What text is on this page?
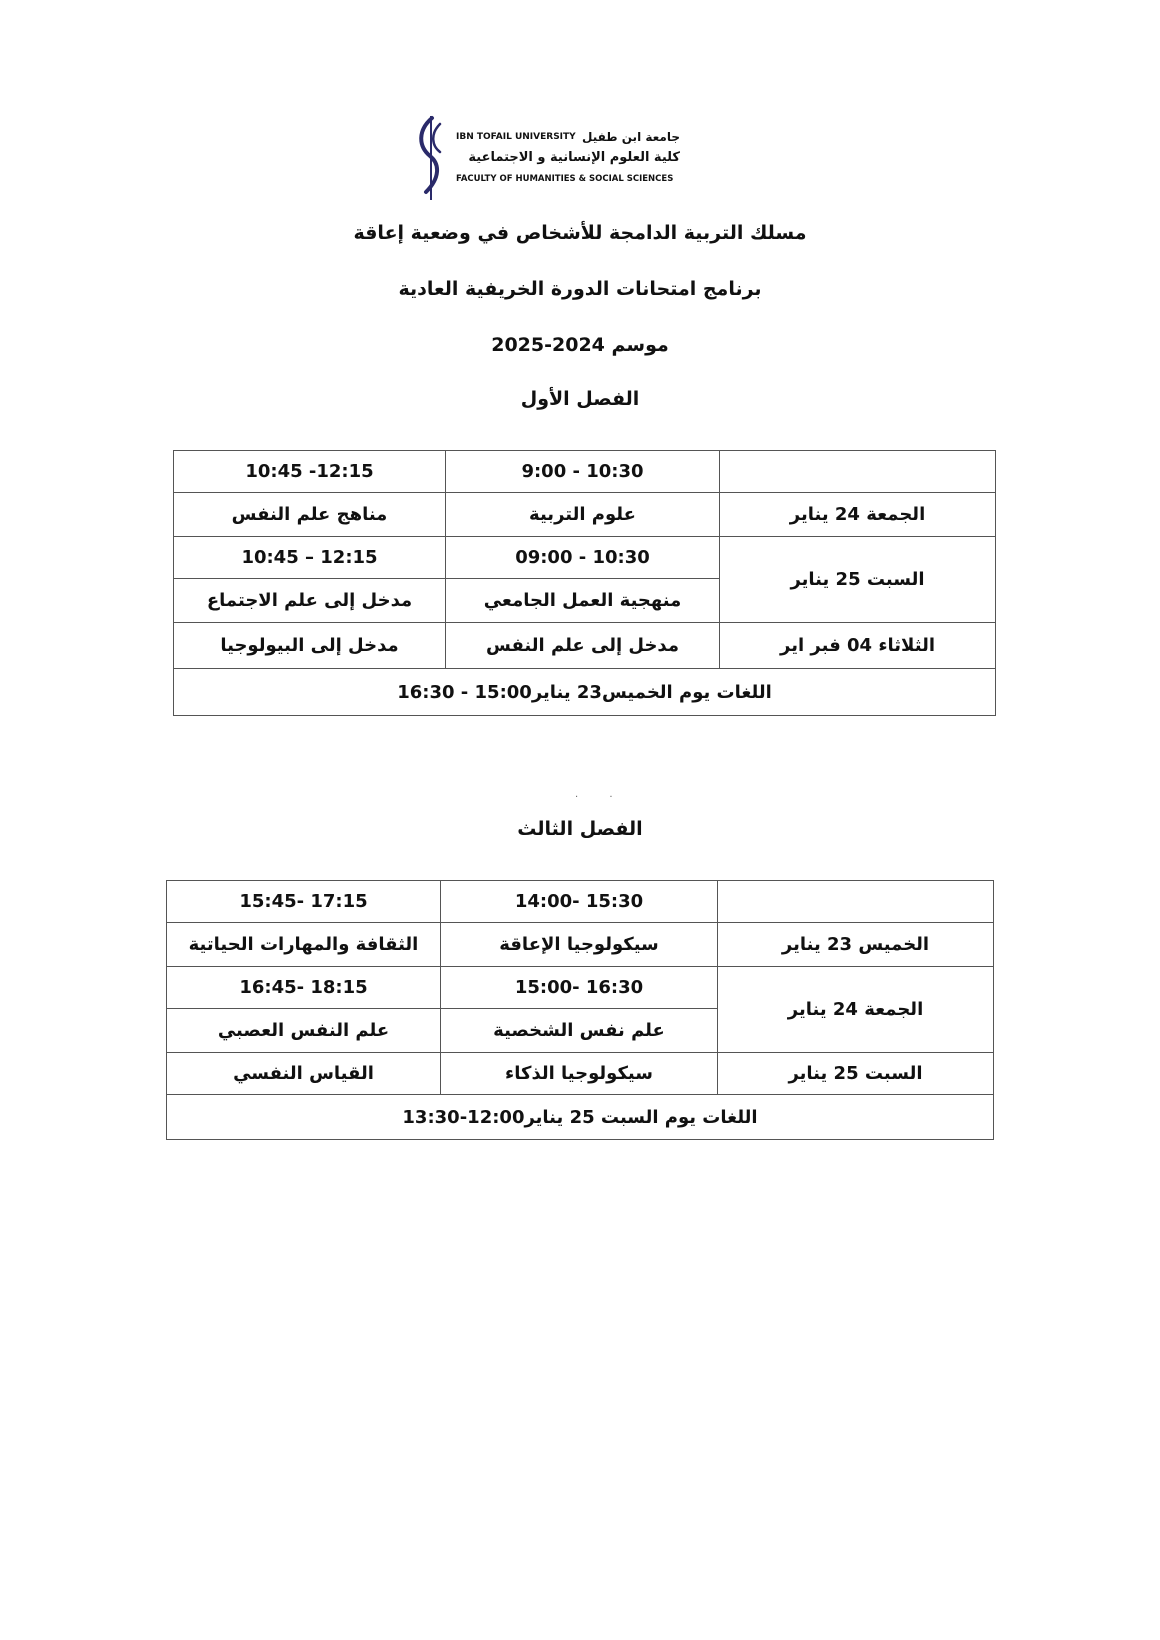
IBN TOFAIL UNIVERSITY جامعة ابن طفيل
كلية العلوم الإنسانية و الاجتماعية
FACULTY OF HUMANITIES & SOCIAL SCIENCES
مسلك التربية الدامجة للأشخاص في وضعية إعاقة
برنامج امتحانات الدورة الخريفية العادية
موسم 2024-2025
الفصل الأول
	9:00 - 10:30	10:45 -12:15
الجمعة 24 يناير	علوم التربية	مناهج علم النفس
السبت 25 يناير	09:00 - 10:30	10:45 – 12:15
	منهجية العمل الجامعي	مدخل إلى علم الاجتماع
الثلاثاء 04 فبر اير	مدخل إلى علم النفس	مدخل إلى البيولوجيا
اللغات يوم الخميس23 يناير15:00 - 16:30		
· ·
الفصل الثالث
	14:00- 15:30	15:45- 17:15
الخميس 23 يناير	سيكولوجيا الإعاقة	الثقافة والمهارات الحياتية
الجمعة 24 يناير	15:00- 16:30	16:45- 18:15
	علم نفس الشخصية	علم النفس العصبي
السبت 25 يناير	سيكولوجيا الذكاء	القياس النفسي
اللغات يوم السبت 25 يناير12:00-13:30		
